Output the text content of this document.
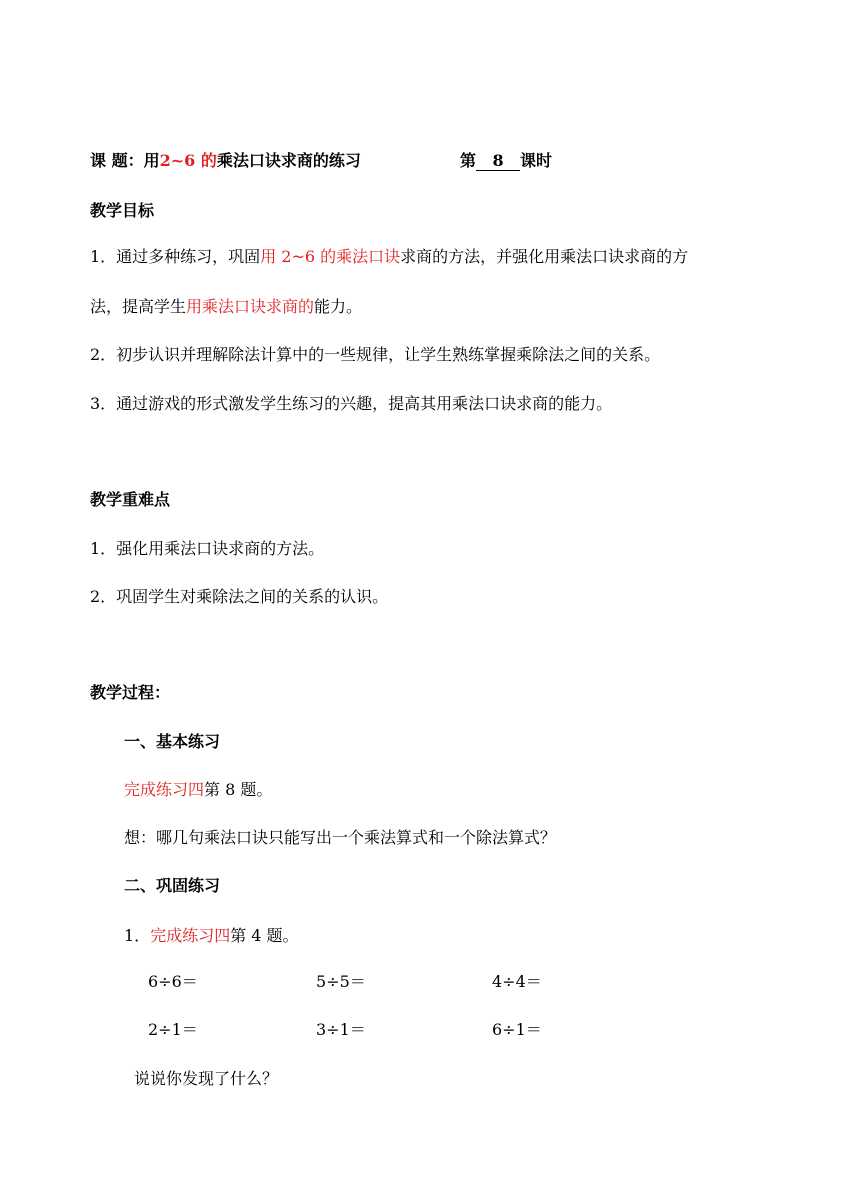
课 题：用2~6 的乘法口诀求商的练习	第 8 课时
教学目标
1．通过多种练习，巩固用 2~6 的乘法口诀求商的方法，并强化用乘法口诀求商的方
法，提高学生用乘法口诀求商的能力。
2．初步认识并理解除法计算中的一些规律，让学生熟练掌握乘除法之间的关系。
3．通过游戏的形式激发学生练习的兴趣，提高其用乘法口诀求商的能力。
教学重难点
1．强化用乘法口诀求商的方法。
2．巩固学生对乘除法之间的关系的认识。
教学过程：
一、基本练习
完成练习四第 8 题。
想：哪几句乘法口诀只能写出一个乘法算式和一个除法算式？
二、巩固练习
1．完成练习四第 4 题。
6÷6＝	5÷5＝	4÷4＝
2÷1＝	3÷1＝	6÷1＝
说说你发现了什么？
